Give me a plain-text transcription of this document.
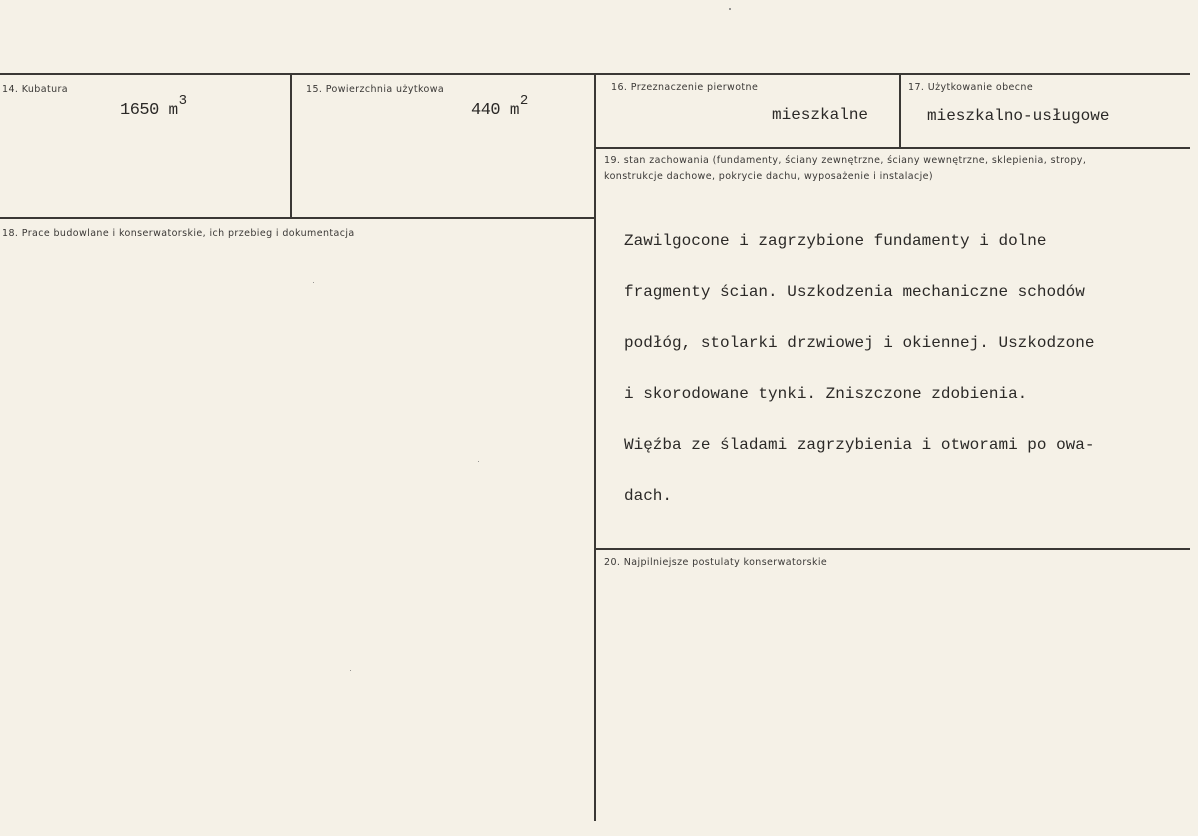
14. Kubatura
1650 $m^3$
15. Powierzchnia użytkowa
440 $m^2$
16. Przeznaczenie pierwotne
mieszkalne
17. Użytkowanie obecne
mieszkalno-usługowe
18. Prace budowlane i konserwatorskie, ich przebieg i dokumentacja
19. stan zachowania (fundamenty, ściany zewnętrzne, ściany wewnętrzne, sklepienia, stropy, konstrukcje dachowe, pokrycie dachu, wyposażenie i instalacje)

Zawilgocone i zagrzybione fundamenty i dolne

fragmenty ścian. Uszkodzenia mechaniczne schodów

podłóg, stolarki drzwiowej i okiennej. Uszkodzone

i skorodowane tynki. Zniszczone zdobienia.

Więźba ze śladami zagrzybienia i otworami po owa-

dach.

20. Najpilniejsze postulaty konserwatorskie
